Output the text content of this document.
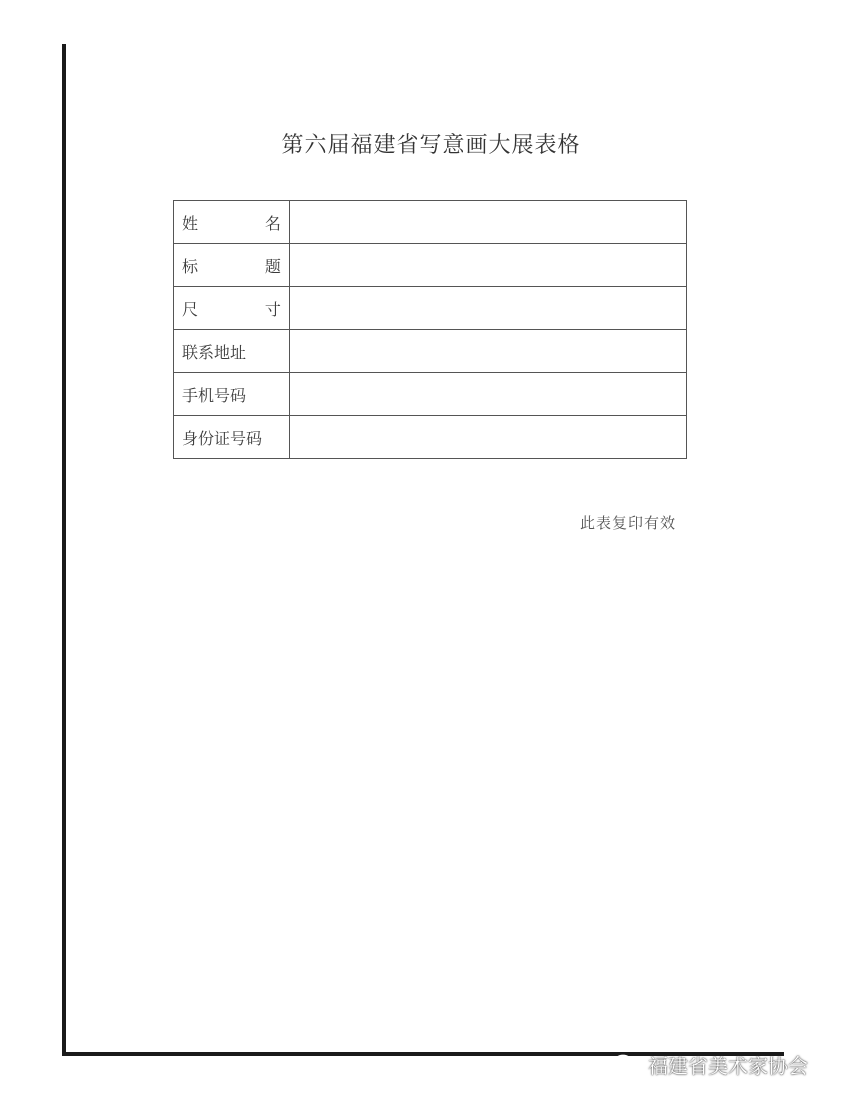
第六届福建省写意画大展表格
姓　　　名	
标　　　题	
尺　　　寸	
联系地址	
手机号码	
身份证号码	
此表复印有效
福建省美术家协会
